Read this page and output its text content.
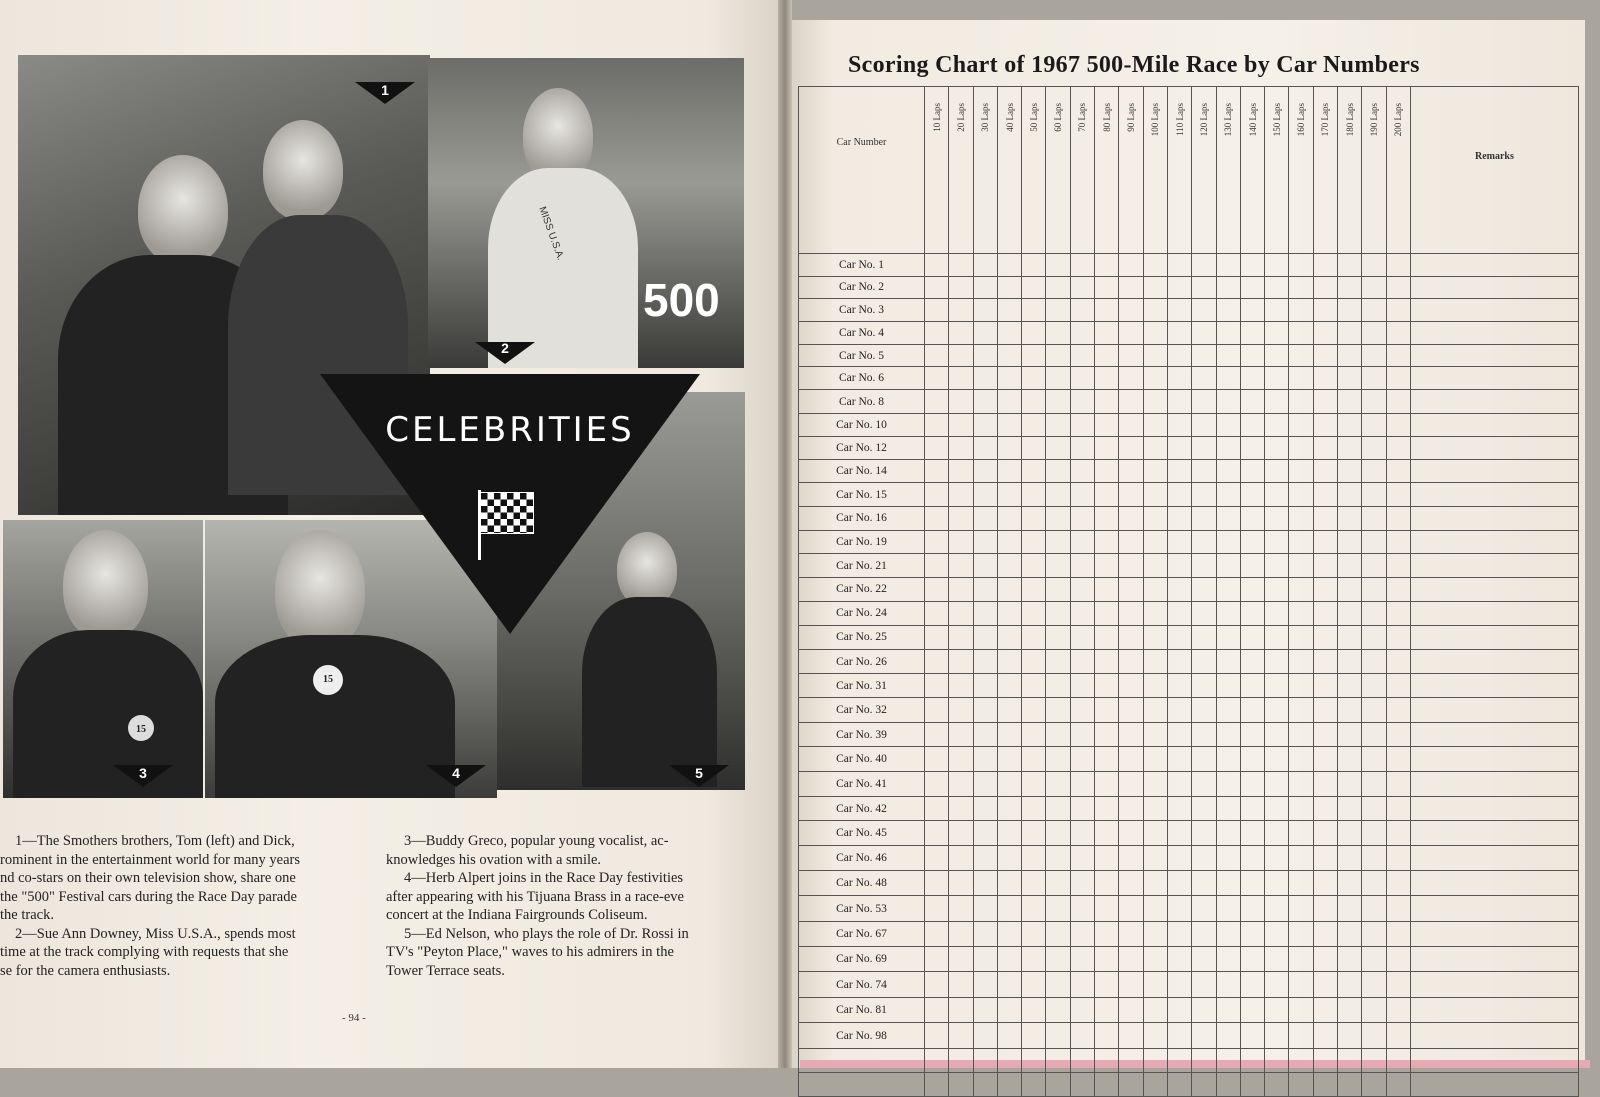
1
MISS U.S.A.
500
2
15
3
15
4	5
CELEBRITIES

1—The Smothers brothers, Tom (left) and Dick,

rominent in the entertainment world for many years

nd co-stars on their own television show, share one

the "500" Festival cars during the Race Day parade

the track.

2—Sue Ann Downey, Miss U.S.A., spends most

time at the track complying with requests that she

se for the camera enthusiasts.

3—Buddy Greco, popular young vocalist, ac-

knowledges his ovation with a smile.

4—Herb Alpert joins in the Race Day festivities

after appearing with his Tijuana Brass in a race-eve

concert at the Indiana Fairgrounds Coliseum.

5—Ed Nelson, who plays the role of Dr. Rossi in

TV's "Peyton Place," waves to his admirers in the

Tower Terrace seats.

- 94 -
Scoring Chart of 1967 500-Mile Race by Car Numbers
Car Number	10 Laps	20 Laps	30 Laps	40 Laps	50 Laps	60 Laps	70 Laps	80 Laps	90 Laps	100 Laps	110 Laps	120 Laps	130 Laps	140 Laps	150 Laps	160 Laps	170 Laps	180 Laps	190 Laps	200 Laps	Remarks
Car No. 1																					
Car No. 2																					
Car No. 3																					
Car No. 4																					
Car No. 5																					
Car No. 6																					
Car No. 8																					
Car No. 10																					
Car No. 12																					
Car No. 14																					
Car No. 15																					
Car No. 16																					
Car No. 19																					
Car No. 21																					
Car No. 22																					
Car No. 24																					
Car No. 25																					
Car No. 26																					
Car No. 31																					
Car No. 32																					
Car No. 39																					
Car No. 40																					
Car No. 41																					
Car No. 42																					
Car No. 45																					
Car No. 46																					
Car No. 48																					
Car No. 53																					
Car No. 67																					
Car No. 69																					
Car No. 74																					
Car No. 81																					
Car No. 98																					
